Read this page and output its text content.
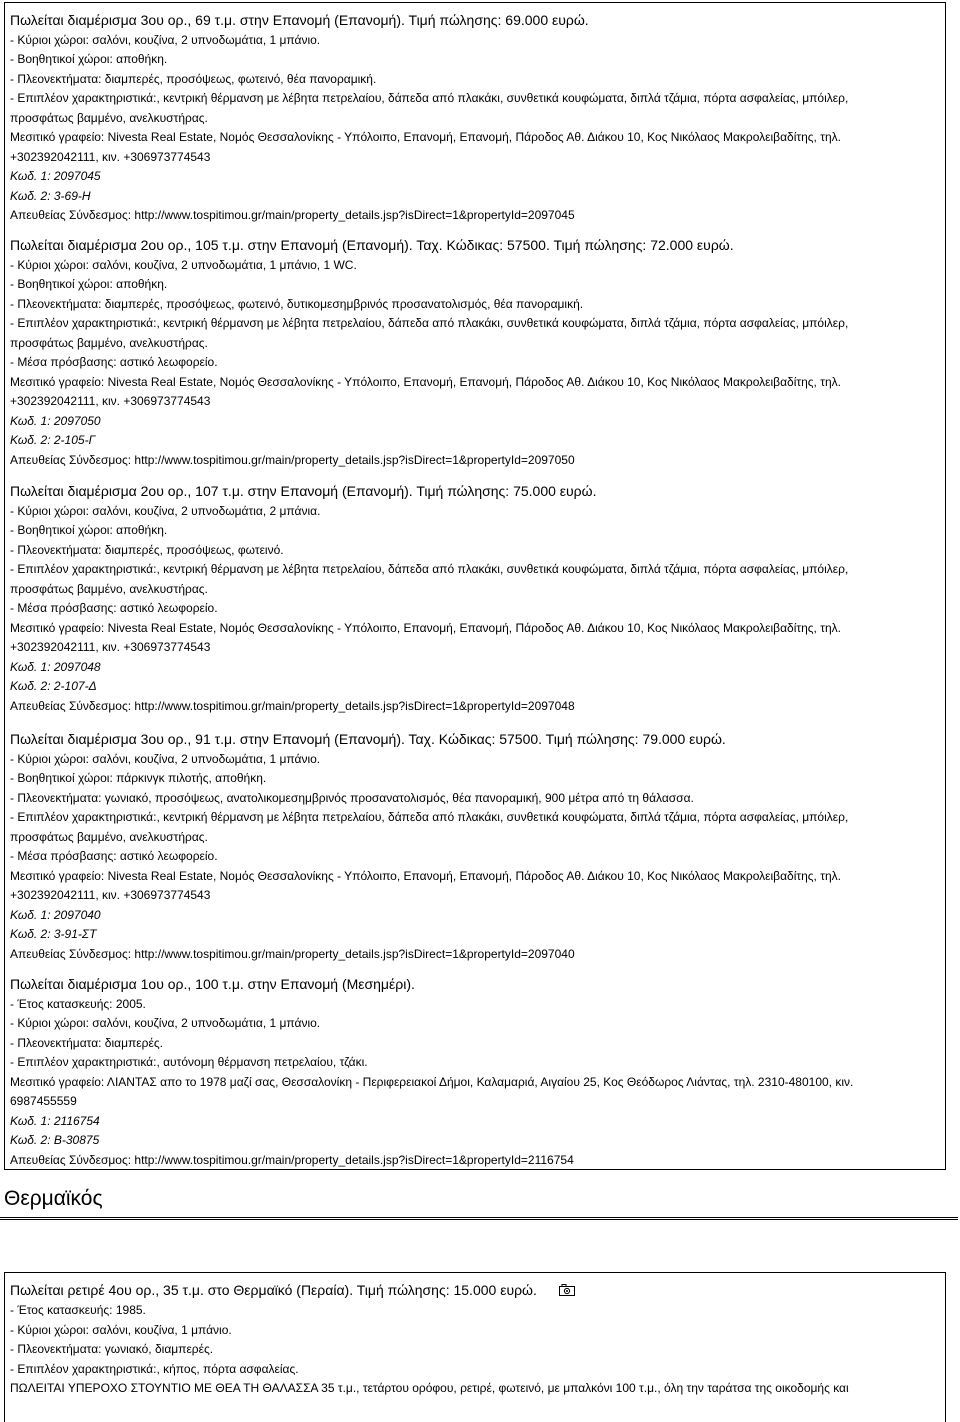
Πωλείται διαμέρισμα 3ου ορ., 69 τ.μ. στην Επανομή (Επανομή). Τιμή πώλησης: 69.000 ευρώ.
- Κύριοι χώροι: σαλόνι, κουζίνα, 2 υπνοδωμάτια, 1 μπάνιο.
- Βοηθητικοί χώροι: αποθήκη.
- Πλεονεκτήματα: διαμπερές, προσόψεως, φωτεινό, θέα πανοραμική.
- Επιπλέον χαρακτηριστικά:, κεντρική θέρμανση με λέβητα πετρελαίου, δάπεδα από πλακάκι, συνθετικά κουφώματα, διπλά τζάμια, πόρτα ασφαλείας, μπόιλερ,
προσφάτως βαμμένο, ανελκυστήρας.
Μεσιτικό γραφείο: Nivesta Real Estate, Νομός Θεσσαλονίκης - Υπόλοιπο, Επανομή, Επανομή, Πάροδος Αθ. Διάκου 10, Κος Νικόλαος Μακρολειβαδίτης, τηλ.
+302392042111, κιν. +306973774543
Κωδ. 1: 2097045
Κωδ. 2: 3-69-Η
Απευθείας Σύνδεσμος: http://www.tospitimou.gr/main/property_details.jsp?isDirect=1&propertyId=2097045
Πωλείται διαμέρισμα 2ου ορ., 105 τ.μ. στην Επανομή (Επανομή). Ταχ. Κώδικας: 57500. Τιμή πώλησης: 72.000 ευρώ.
- Κύριοι χώροι: σαλόνι, κουζίνα, 2 υπνοδωμάτια, 1 μπάνιο, 1 WC.
- Βοηθητικοί χώροι: αποθήκη.
- Πλεονεκτήματα: διαμπερές, προσόψεως, φωτεινό, δυτικομεσημβρινός προσανατολισμός, θέα πανοραμική.
- Επιπλέον χαρακτηριστικά:, κεντρική θέρμανση με λέβητα πετρελαίου, δάπεδα από πλακάκι, συνθετικά κουφώματα, διπλά τζάμια, πόρτα ασφαλείας, μπόιλερ,
προσφάτως βαμμένο, ανελκυστήρας.
- Μέσα πρόσβασης: αστικό λεωφορείο.
Μεσιτικό γραφείο: Nivesta Real Estate, Νομός Θεσσαλονίκης - Υπόλοιπο, Επανομή, Επανομή, Πάροδος Αθ. Διάκου 10, Κος Νικόλαος Μακρολειβαδίτης, τηλ.
+302392042111, κιν. +306973774543
Κωδ. 1: 2097050
Κωδ. 2: 2-105-Γ
Απευθείας Σύνδεσμος: http://www.tospitimou.gr/main/property_details.jsp?isDirect=1&propertyId=2097050
Πωλείται διαμέρισμα 2ου ορ., 107 τ.μ. στην Επανομή (Επανομή). Τιμή πώλησης: 75.000 ευρώ.
- Κύριοι χώροι: σαλόνι, κουζίνα, 2 υπνοδωμάτια, 2 μπάνια.
- Βοηθητικοί χώροι: αποθήκη.
- Πλεονεκτήματα: διαμπερές, προσόψεως, φωτεινό.
- Επιπλέον χαρακτηριστικά:, κεντρική θέρμανση με λέβητα πετρελαίου, δάπεδα από πλακάκι, συνθετικά κουφώματα, διπλά τζάμια, πόρτα ασφαλείας, μπόιλερ,
προσφάτως βαμμένο, ανελκυστήρας.
- Μέσα πρόσβασης: αστικό λεωφορείο.
Μεσιτικό γραφείο: Nivesta Real Estate, Νομός Θεσσαλονίκης - Υπόλοιπο, Επανομή, Επανομή, Πάροδος Αθ. Διάκου 10, Κος Νικόλαος Μακρολειβαδίτης, τηλ.
+302392042111, κιν. +306973774543
Κωδ. 1: 2097048
Κωδ. 2: 2-107-Δ
Απευθείας Σύνδεσμος: http://www.tospitimou.gr/main/property_details.jsp?isDirect=1&propertyId=2097048
Πωλείται διαμέρισμα 3ου ορ., 91 τ.μ. στην Επανομή (Επανομή). Ταχ. Κώδικας: 57500. Τιμή πώλησης: 79.000 ευρώ.
- Κύριοι χώροι: σαλόνι, κουζίνα, 2 υπνοδωμάτια, 1 μπάνιο.
- Βοηθητικοί χώροι: πάρκινγκ πιλοτής, αποθήκη.
- Πλεονεκτήματα: γωνιακό, προσόψεως, ανατολικομεσημβρινός προσανατολισμός, θέα πανοραμική, 900 μέτρα από τη θάλασσα.
- Επιπλέον χαρακτηριστικά:, κεντρική θέρμανση με λέβητα πετρελαίου, δάπεδα από πλακάκι, συνθετικά κουφώματα, διπλά τζάμια, πόρτα ασφαλείας, μπόιλερ,
προσφάτως βαμμένο, ανελκυστήρας.
- Μέσα πρόσβασης: αστικό λεωφορείο.
Μεσιτικό γραφείο: Nivesta Real Estate, Νομός Θεσσαλονίκης - Υπόλοιπο, Επανομή, Επανομή, Πάροδος Αθ. Διάκου 10, Κος Νικόλαος Μακρολειβαδίτης, τηλ.
+302392042111, κιν. +306973774543
Κωδ. 1: 2097040
Κωδ. 2: 3-91-ΣΤ
Απευθείας Σύνδεσμος: http://www.tospitimou.gr/main/property_details.jsp?isDirect=1&propertyId=2097040
Πωλείται διαμέρισμα 1ου ορ., 100 τ.μ. στην Επανομή (Μεσημέρι).
- Έτος κατασκευής: 2005.
- Κύριοι χώροι: σαλόνι, κουζίνα, 2 υπνοδωμάτια, 1 μπάνιο.
- Πλεονεκτήματα: διαμπερές.
- Επιπλέον χαρακτηριστικά:, αυτόνομη θέρμανση πετρελαίου, τζάκι.
Μεσιτικό γραφείο: ΛΙΑΝΤΑΣ απο το 1978 μαζί σας, Θεσσαλονίκη - Περιφερειακοί Δήμοι, Καλαμαριά, Αιγαίου 25, Κος Θεόδωρος Λιάντας, τηλ. 2310-480100, κιν.
6987455559
Κωδ. 1: 2116754
Κωδ. 2: Β-30875
Απευθείας Σύνδεσμος: http://www.tospitimou.gr/main/property_details.jsp?isDirect=1&propertyId=2116754
Θερμαϊκός
Πωλείται ρετιρέ 4ου ορ., 35 τ.μ. στο Θερμαϊκό (Περαία). Τιμή πώλησης: 15.000 ευρώ.
- Έτος κατασκευής: 1985.
- Κύριοι χώροι: σαλόνι, κουζίνα, 1 μπάνιο.
- Πλεονεκτήματα: γωνιακό, διαμπερές.
- Επιπλέον χαρακτηριστικά:, κήπος, πόρτα ασφαλείας.
ΠΩΛΕΙΤΑΙ ΥΠΕΡΟΧΟ ΣΤΟΥΝΤΙΟ ΜΕ ΘΕΑ ΤΗ ΘΑΛΑΣΣΑ 35 τ.μ., τετάρτου ορόφου, ρετιρέ, φωτεινό, με μπαλκόνι 100 τ.μ., όλη την ταράτσα της οικοδομής και
